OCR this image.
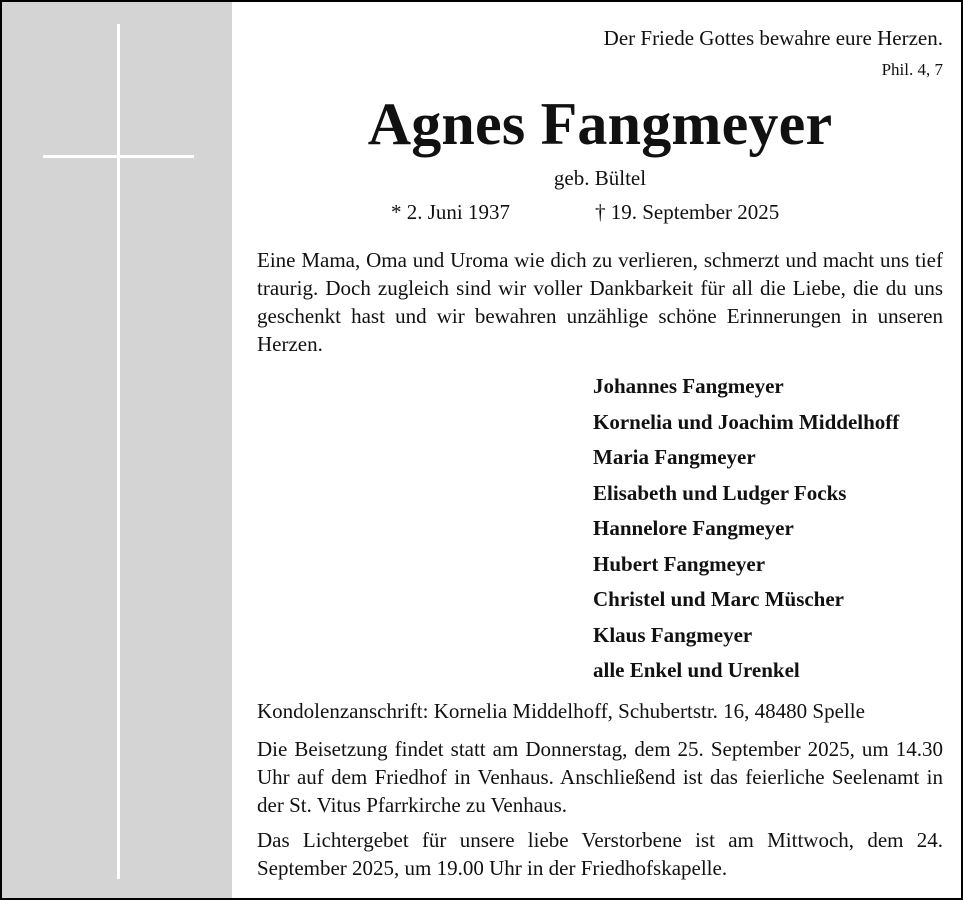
Der Friede Gottes bewahre eure Herzen.
Phil. 4, 7
Agnes Fangmeyer
geb. Bültel
* 2. Juni 1937	† 19. September 2025

Eine Mama, Oma und Uroma wie dich zu verlieren, schmerzt und macht uns tief traurig. Doch zugleich sind wir voller Dankbarkeit für all die Liebe, die du uns geschenkt hast und wir bewahren unzählige schöne Erinnerungen in unseren Herzen.

Johannes Fangmeyer
Kornelia und Joachim Middelhoff
Maria Fangmeyer
Elisabeth und Ludger Focks
Hannelore Fangmeyer
Hubert Fangmeyer
Christel und Marc Müscher
Klaus Fangmeyer
alle Enkel und Urenkel
Kondolenzanschrift: Kornelia Middelhoff, Schubertstr. 16, 48480 Spelle

Die Beisetzung findet statt am Donnerstag, dem 25. September 2025, um 14.30 Uhr auf dem Friedhof in Venhaus. Anschließend ist das feierliche Seelenamt in der St. Vitus Pfarrkirche zu Venhaus.

Das Lichtergebet für unsere liebe Verstorbene ist am Mittwoch, dem 24. September 2025, um 19.00 Uhr in der Friedhofskapelle.
